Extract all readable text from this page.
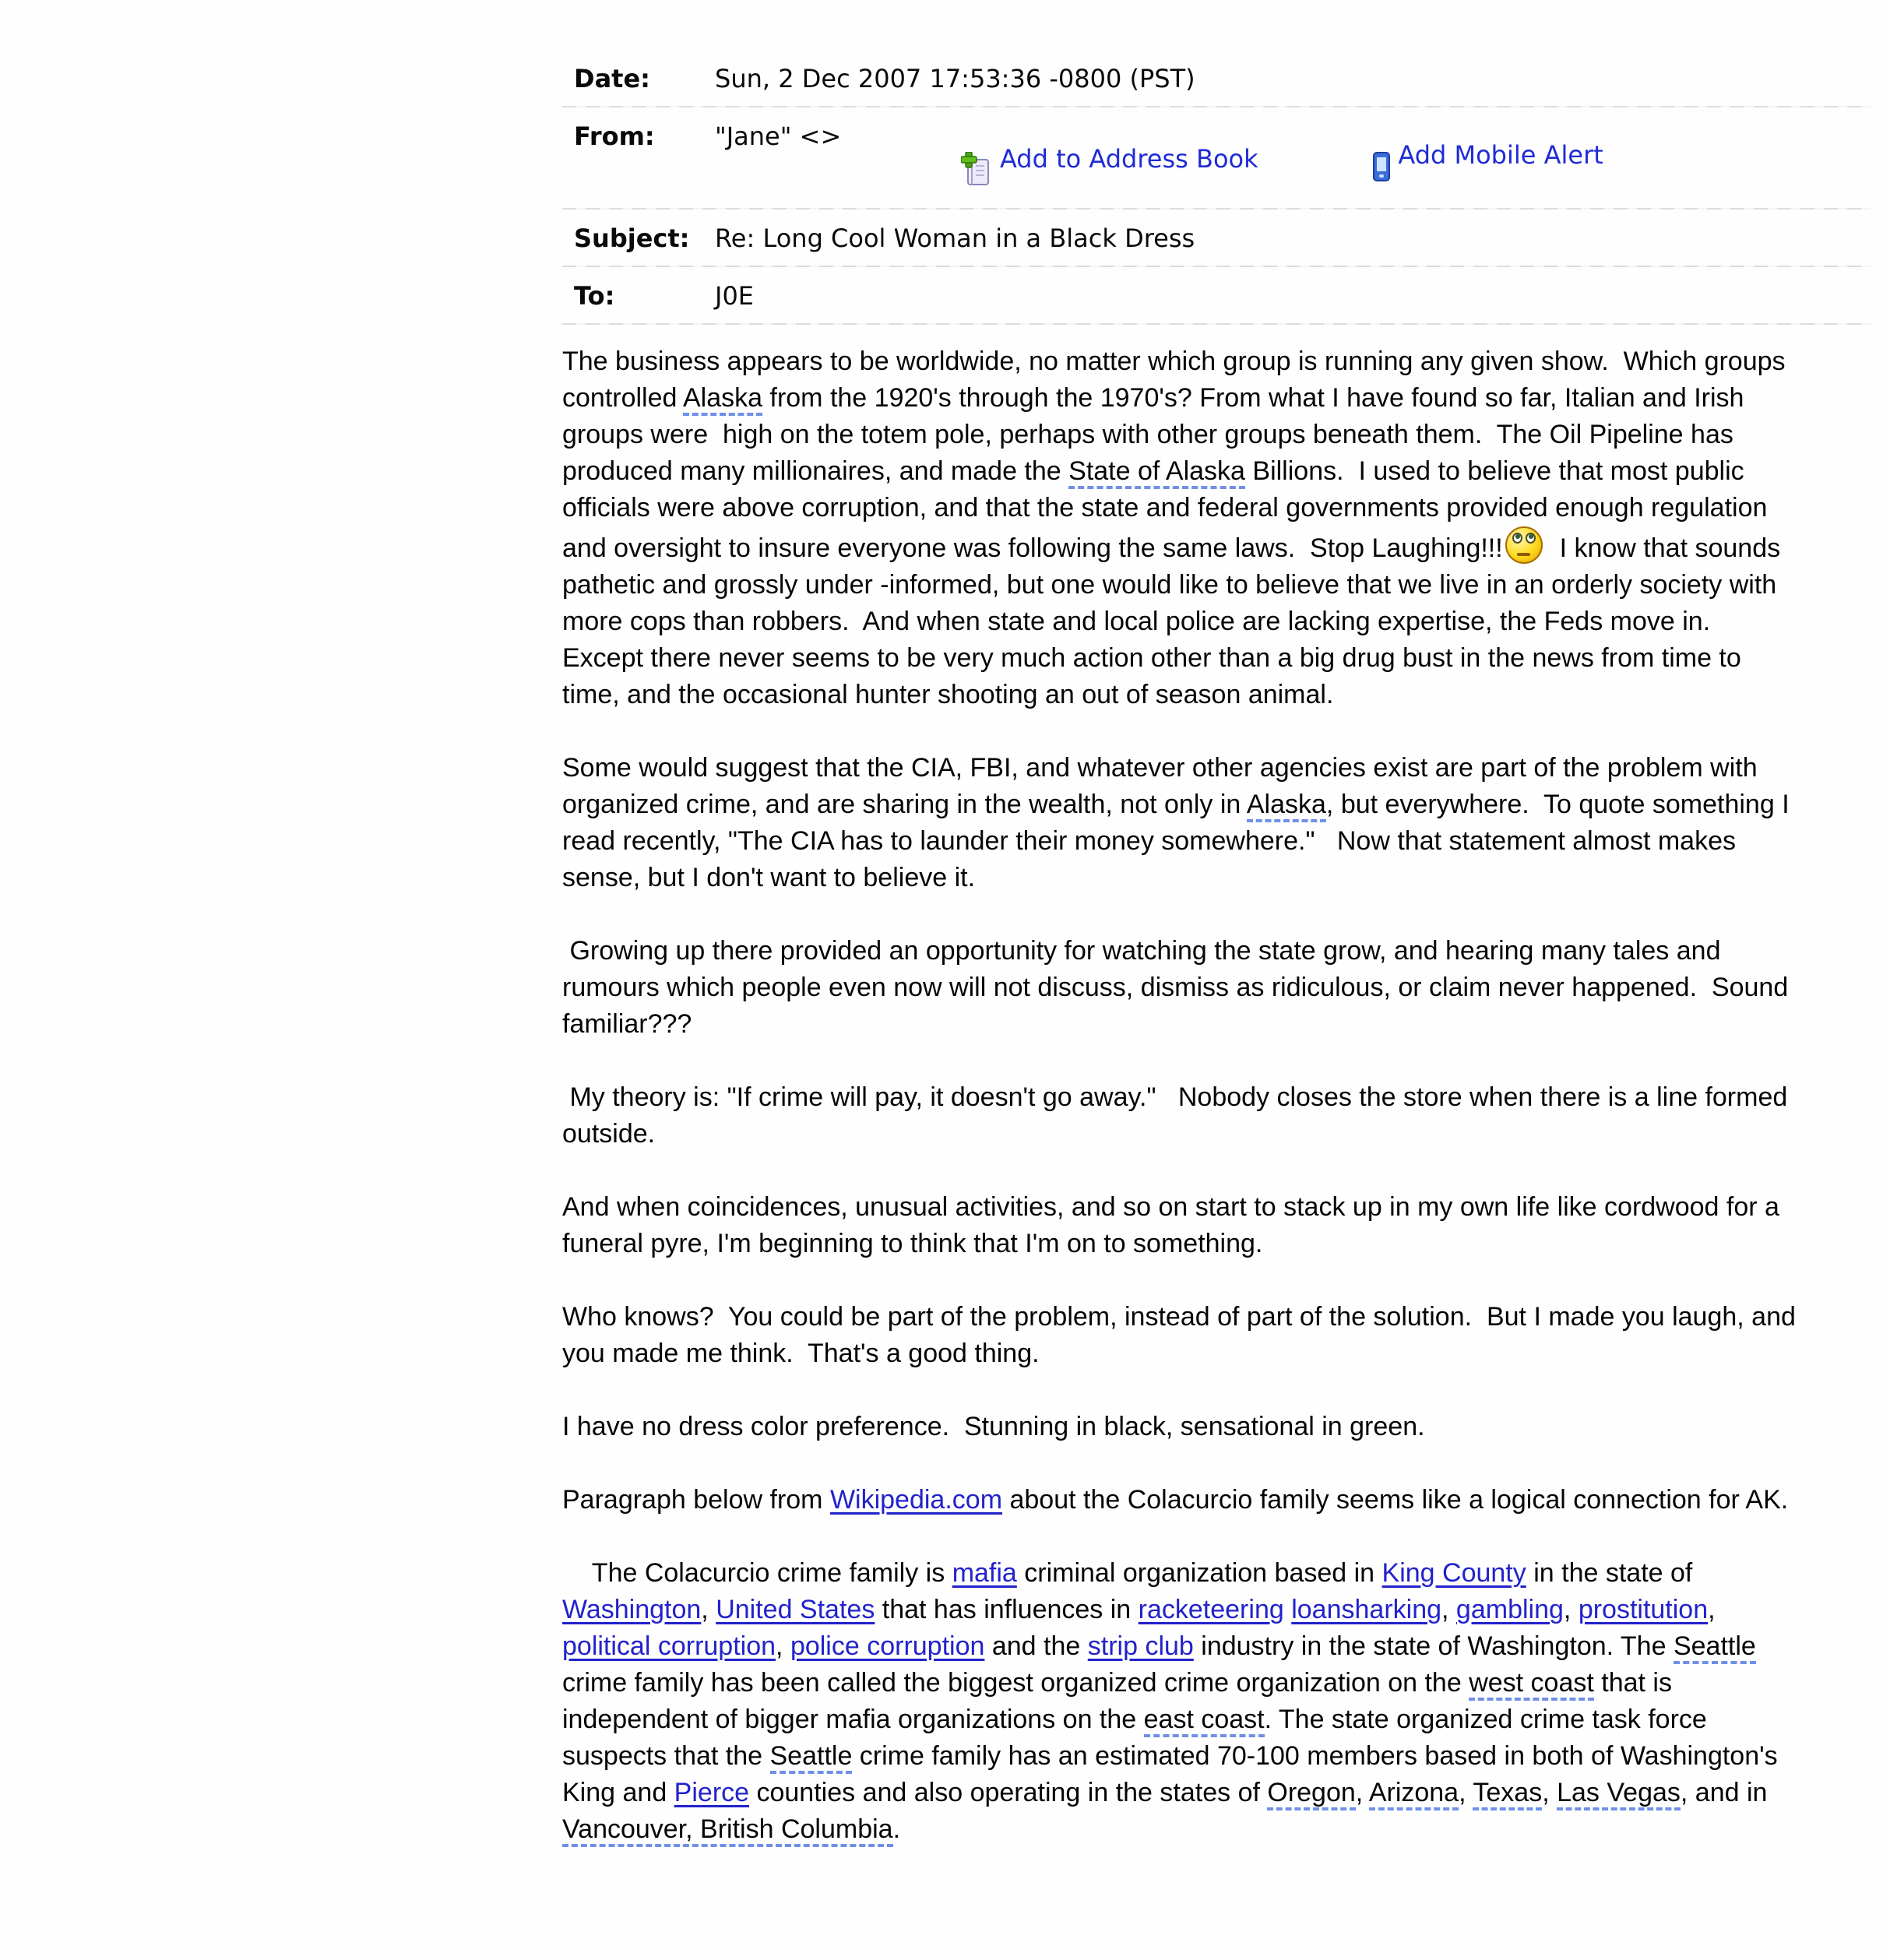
Date:	Sun, 2 Dec 2007 17:53:36 -0800 (PST)
From:	"Jane" <>

Add to Address Book

	Add Mobile Alert
Subject:	Re: Long Cool Woman in a Black Dress
To:	J0E
The business appears to be worldwide, no matter which group is running any given show.  Which groups controlled Alaska from the 1920's through the 1970's? From what I have found so far, Italian and Irish groups were  high on the totem pole, perhaps with other groups beneath them.  The Oil Pipeline has produced many millionaires, and made the State of Alaska Billions.  I used to believe that most public officials were above corruption, and that the state and federal governments provided enough regulation and oversight to insure everyone was following the same laws.  Stop Laughing!!!
I know that sounds pathetic and grossly under -informed, but one would like to believe that we live in an orderly society with more cops than robbers.  And when state and local police are lacking expertise, the Feds move in.  Except there never seems to be very much action other than a big drug bust in the news from time to time, and the occasional hunter shooting an out of season animal.
Some would suggest that the CIA, FBI, and whatever other agencies exist are part of the problem with organized crime, and are sharing in the wealth, not only in Alaska, but everywhere.  To quote something I read recently, "The CIA has to launder their money somewhere."   Now that statement almost makes sense, but I don't want to believe it.
Growing up there provided an opportunity for watching the state grow, and hearing many tales and rumours which people even now will not discuss, dismiss as ridiculous, or claim never happened.  Sound familiar???
My theory is: "If crime will pay, it doesn't go away."   Nobody closes the store when there is a line formed outside.
And when coincidences, unusual activities, and so on start to stack up in my own life like cordwood for a funeral pyre, I'm beginning to think that I'm on to something.
Who knows?  You could be part of the problem, instead of part of the solution.  But I made you laugh, and you made me think.  That's a good thing.
I have no dress color preference.  Stunning in black, sensational in green.
Paragraph below from Wikipedia.com about the Colacurcio family seems like a logical connection for AK.
The Colacurcio crime family is mafia criminal organization based in King County in the state of Washington, United States that has influences in racketeering loansharking, gambling, prostitution, political corruption, police corruption and the strip club industry in the state of Washington. The Seattle crime family has been called the biggest organized crime organization on the west coast that is independent of bigger mafia organizations on the east coast. The state organized crime task force suspects that the Seattle crime family has an estimated 70-100 members based in both of Washington's King and Pierce counties and also operating in the states of Oregon, Arizona, Texas, Las Vegas, and in Vancouver, British Columbia.
